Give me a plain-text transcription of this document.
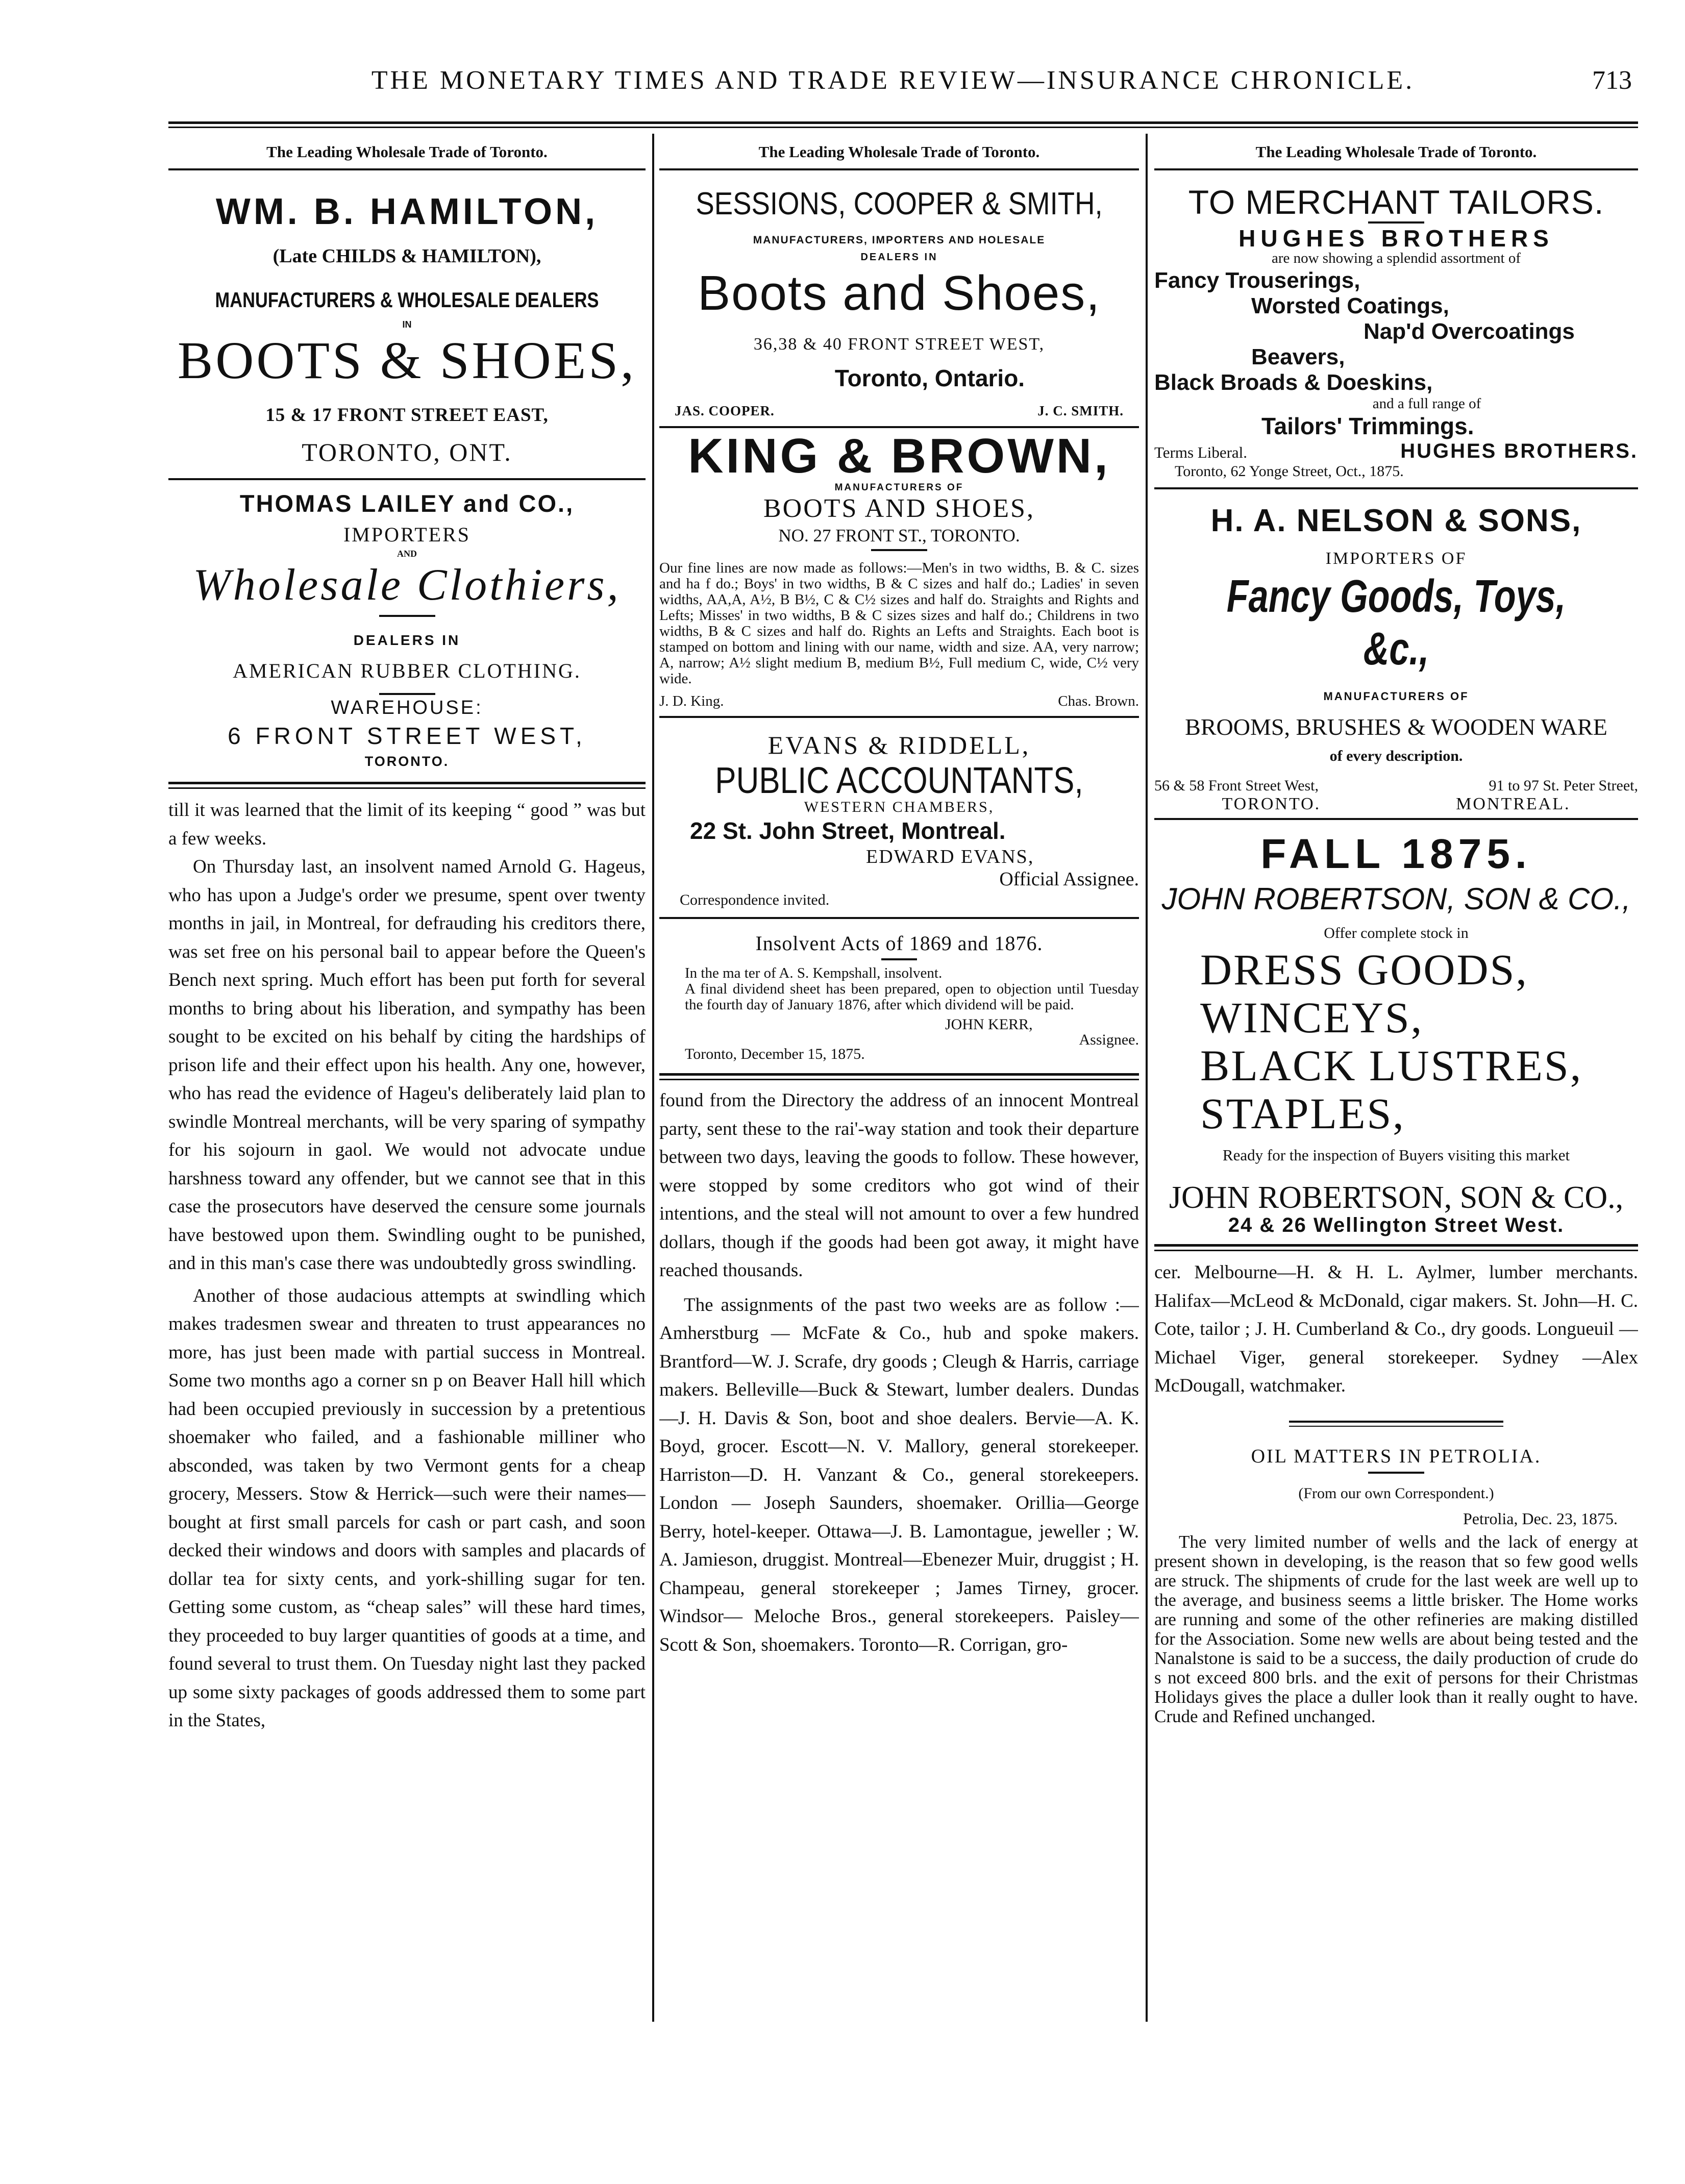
THE MONETARY TIMES AND TRADE REVIEW—INSURANCE CHRONICLE.	713
The Leading Wholesale Trade of Toronto.
WM. B. HAMILTON,
(Late CHILDS & HAMILTON),
MANUFACTURERS & WHOLESALE DEALERS
IN
BOOTS & SHOES,
15 & 17 FRONT STREET EAST,
TORONTO, ONT.
THOMAS LAILEY and CO.,
IMPORTERS
AND
Wholesale Clothiers,
DEALERS IN
AMERICAN RUBBER CLOTHING.
WAREHOUSE:
6 FRONT STREET WEST,
TORONTO.

till it was learned that the limit of its keeping “ good ” was but a few weeks.

On Thursday last, an insolvent named Arnold G. Hageus, who has upon a Judge's order we presume, spent over twenty months in jail, in Montreal, for defrauding his creditors there, was set free on his personal bail to appear before the Queen's Bench next spring. Much effort has been put forth for several months to bring about his liberation, and sympathy has been sought to be excited on his behalf by citing the hardships of prison life and their effect upon his health. Any one, however, who has read the evidence of Hageu's deliberately laid plan to swindle Montreal merchants, will be very sparing of sympathy for his sojourn in gaol. We would not advocate undue harshness toward any offender, but we cannot see that in this case the prosecutors have deserved the censure some journals have bestowed upon them. Swindling ought to be punished, and in this man's case there was undoubtedly gross swindling.

Another of those audacious attempts at swindling which makes tradesmen swear and threaten to trust appearances no more, has just been made with partial success in Montreal. Some two months ago a corner sn p on Beaver Hall hill which had been occupied previously in succession by a pretentious shoemaker who failed, and a fashionable milliner who absconded, was taken by two Vermont gents for a cheap grocery, Messers. Stow & Herrick—such were their names—bought at first small parcels for cash or part cash, and soon decked their windows and doors with samples and placards of dollar tea for sixty cents, and york-shilling sugar for ten. Getting some custom, as “cheap sales” will these hard times, they proceeded to buy larger quantities of goods at a time, and found several to trust them. On Tuesday night last they packed up some sixty packages of goods addressed them to some part in the States,

The Leading Wholesale Trade of Toronto.
SESSIONS, COOPER & SMITH,
MANUFACTURERS, IMPORTERS AND HOLESALE
DEALERS IN
Boots and Shoes,
36,38 & 40 FRONT STREET WEST,
Toronto, Ontario.
JAS. COOPER.	J. C. SMITH.
KING & BROWN,
MANUFACTURERS OF
BOOTS AND SHOES,
NO. 27 FRONT ST., TORONTO.
Our fine lines are now made as follows:—Men's in two widths, B. & C. sizes and ha f do.; Boys' in two widths, B & C sizes and half do.; Ladies' in seven widths, AA,A, A½, B B½, C & C½ sizes and half do. Straights and Rights and Lefts; Misses' in two widths, B & C sizes sizes and half do.; Childrens in two widths, B & C sizes and half do. Rights an Lefts and Straights. Each boot is stamped on bottom and lining with our name, width and size. AA, very narrow; A, narrow; A½ slight medium B, medium B½, Full medium C, wide, C½ very wide.
J. D. King.	Chas. Brown.
EVANS & RIDDELL,
PUBLIC ACCOUNTANTS,
WESTERN CHAMBERS,
22 St. John Street, Montreal.
EDWARD EVANS,
Official Assignee.
Correspondence invited.
Insolvent Acts of 1869 and 1876.
In the ma ter of A. S. Kempshall, insolvent.
A final dividend sheet has been prepared, open to objection until Tuesday the fourth day of January 1876, after which dividend will be paid.
JOHN KERR,
Assignee.
Toronto, December 15, 1875.

found from the Directory the address of an innocent Montreal party, sent these to the rai'-way station and took their departure between two days, leaving the goods to follow. These however, were stopped by some creditors who got wind of their intentions, and the steal will not amount to over a few hundred dollars, though if the goods had been got away, it might have reached thousands.

The assignments of the past two weeks are as follow :— Amherstburg — McFate & Co., hub and spoke makers. Brantford—W. J. Scrafe, dry goods ; Cleugh & Harris, carriage makers. Belleville—Buck & Stewart, lumber dealers. Dundas—J. H. Davis & Son, boot and shoe dealers. Bervie—A. K. Boyd, grocer. Escott—N. V. Mallory, general storekeeper. Harriston—D. H. Vanzant & Co., general storekeepers. London — Joseph Saunders, shoemaker. Orillia—George Berry, hotel-keeper. Ottawa—J. B. Lamontague, jeweller ; W. A. Jamieson, druggist. Montreal—Ebenezer Muir, druggist ; H. Champeau, general storekeeper ; James Tirney, grocer. Windsor— Meloche Bros., general storekeepers. Paisley—Scott & Son, shoemakers. Toronto—R. Corrigan, gro-

The Leading Wholesale Trade of Toronto.
TO MERCHANT TAILORS.
HUGHES BROTHERS
are now showing a splendid assortment of
Fancy Trouserings,
Worsted Coatings,
Nap'd Overcoatings
Beavers,
Black Broads & Doeskins,
and a full range of
Tailors' Trimmings.
Terms Liberal.	HUGHES BROTHERS.
Toronto, 62 Yonge Street, Oct., 1875.
H. A. NELSON & SONS,
IMPORTERS OF
Fancy Goods, Toys, &c.,
MANUFACTURERS OF
BROOMS, BRUSHES & WOODEN WARE
of every description.
56 & 58 Front Street West,	91 to 97 St. Peter Street,
TORONTO.	MONTREAL.
FALL 1875.
JOHN ROBERTSON, SON & CO.,
Offer complete stock in
DRESS GOODS,
WINCEYS,
BLACK LUSTRES,
STAPLES,
Ready for the inspection of Buyers visiting this market
JOHN ROBERTSON, SON & CO.,
24 & 26 Wellington Street West.

cer. Melbourne—H. & H. L. Aylmer, lumber merchants. Halifax—McLeod & McDonald, cigar makers. St. John—H. C. Cote, tailor ; J. H. Cumberland & Co., dry goods. Longueuil —Michael Viger, general storekeeper. Sydney —Alex McDougall, watchmaker.

OIL MATTERS IN PETROLIA.
(From our own Correspondent.)
Petrolia, Dec. 23, 1875.
The very limited number of wells and the lack of energy at present shown in developing, is the reason that so few good wells are struck. The shipments of crude for the last week are well up to the average, and business seems a little brisker. The Home works are running and some of the other refineries are making distilled for the Association. Some new wells are about being tested and the Nanalstone is said to be a success, the daily production of crude do s not exceed 800 brls. and the exit of persons for their Christmas Holidays gives the place a duller look than it really ought to have. Crude and Refined unchanged.
